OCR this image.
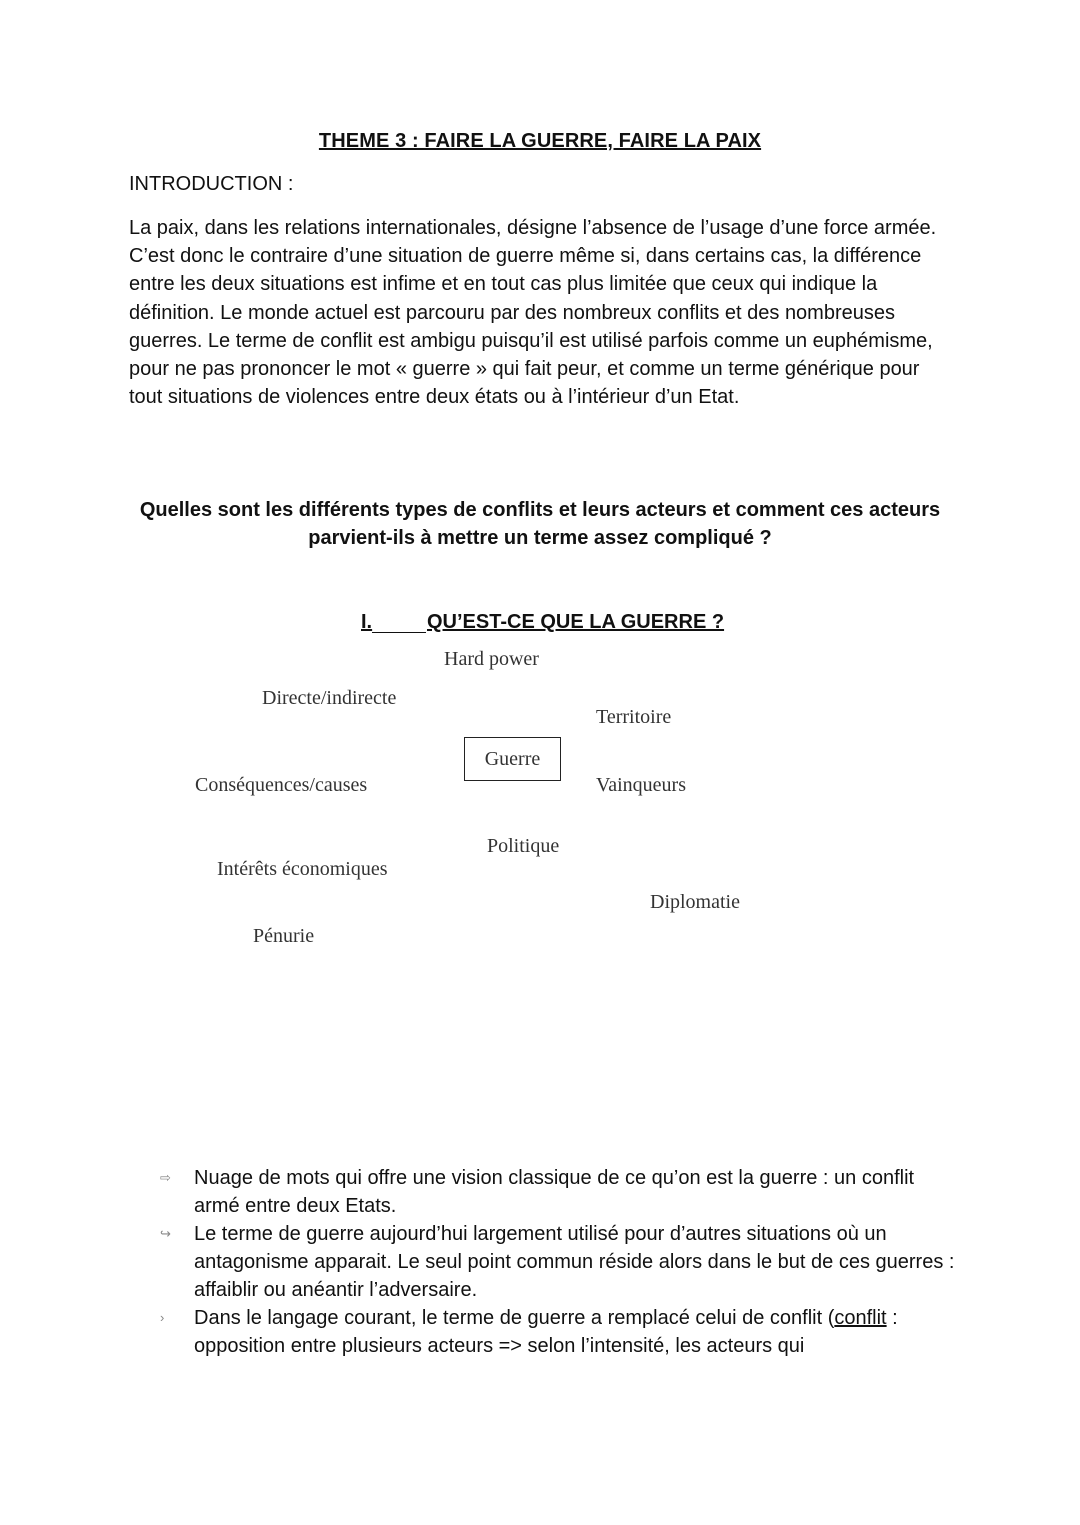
THEME 3 : FAIRE LA GUERRE, FAIRE LA PAIX
INTRODUCTION :
La paix, dans les relations internationales, désigne l’absence de l’usage d’une force armée. C’est donc le contraire d’une situation de guerre même si, dans certains cas, la différence entre les deux situations est infime et en tout cas plus limitée que ceux qui indique la définition. Le monde actuel est parcouru par des nombreux conflits et des nombreuses guerres. Le terme de conflit est ambigu puisqu’il est utilisé parfois comme un euphémisme, pour ne pas prononcer le mot « guerre » qui fait peur, et comme un terme générique pour tout situations de violences entre deux états ou à l’intérieur d’un Etat.
Quelles sont les différents types de conflits et leurs acteurs et comment ces acteurs parvient-ils à mettre un terme assez compliqué ?
I.	QU’EST-CE QUE LA GUERRE ?
Hard power
Directe/indirecte
Territoire
Guerre
Conséquences/causes	Vainqueurs
Politique
Intérêts économiques
Diplomatie
Pénurie
⇨	Nuage de mots qui offre une vision classique de ce qu’on est la guerre : un conflit armé entre deux Etats.
↪	Le terme de guerre aujourd’hui largement utilisé pour d’autres situations où un antagonisme apparait. Le seul point commun réside alors dans le but de ces guerres : affaiblir ou anéantir l’adversaire.
›	Dans le langage courant, le terme de guerre a remplacé celui de conflit (conflit : opposition entre plusieurs acteurs => selon l’intensité, les acteurs qui
